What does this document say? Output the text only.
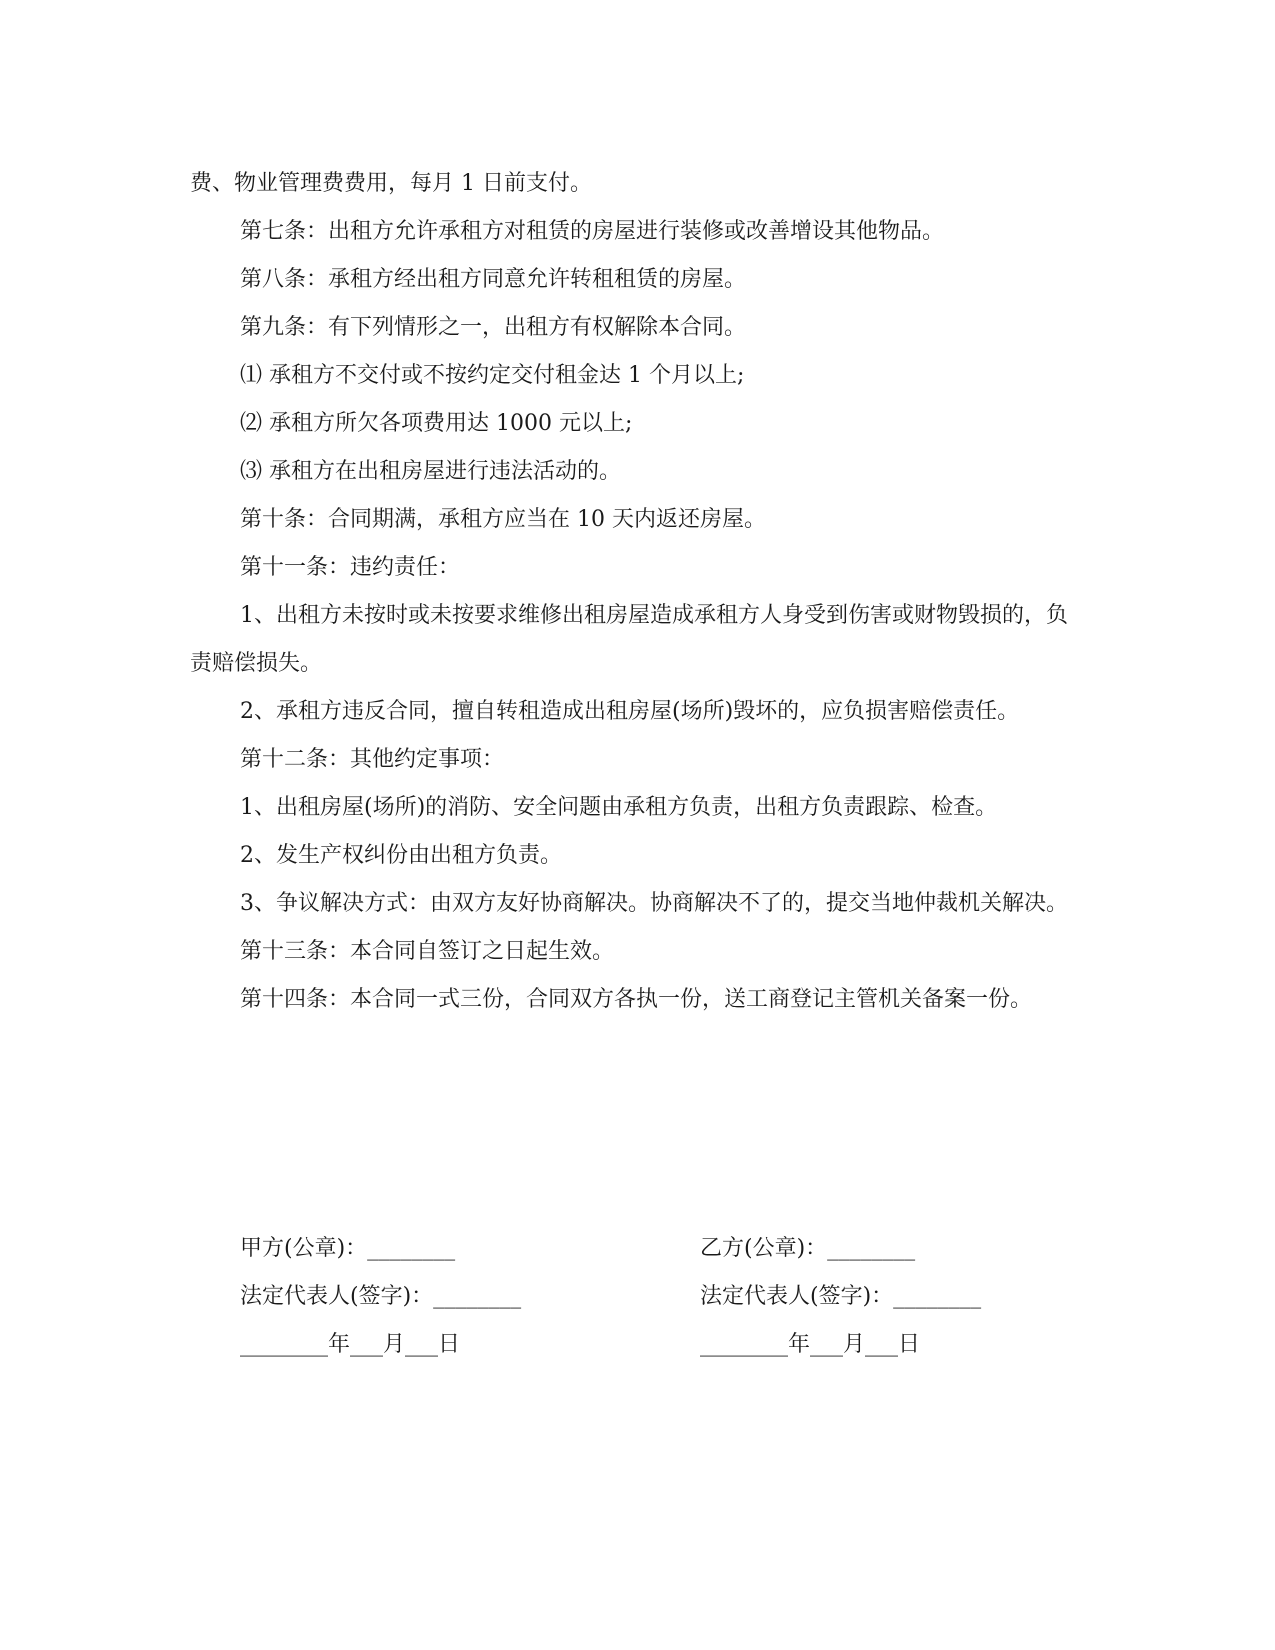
费、物业管理费费用，每月 1 日前支付。

第七条：出租方允许承租方对租赁的房屋进行装修或改善增设其他物品。

第八条：承租方经出租方同意允许转租租赁的房屋。

第九条：有下列情形之一，出租方有权解除本合同。

⑴ 承租方不交付或不按约定交付租金达 1 个月以上;

⑵ 承租方所欠各项费用达 1000 元以上;

⑶ 承租方在出租房屋进行违法活动的。

第十条：合同期满，承租方应当在 10 天内返还房屋。

第十一条：违约责任：

1、出租方未按时或未按要求维修出租房屋造成承租方人身受到伤害或财物毁损的，负责赔偿损失。

2、承租方违反合同，擅自转租造成出租房屋(场所)毁坏的，应负损害赔偿责任。

第十二条：其他约定事项：

1、出租房屋(场所)的消防、安全问题由承租方负责，出租方负责跟踪、检查。

2、发生产权纠份由出租方负责。

3、争议解决方式：由双方友好协商解决。协商解决不了的，提交当地仲裁机关解决。

第十三条：本合同自签订之日起生效。

第十四条：本合同一式三份，合同双方各执一份，送工商登记主管机关备案一份。

甲方(公章)：________	乙方(公章)：________
法定代表人(签字)：________	法定代表人(签字)：________
________年___月___日	________年___月___日
